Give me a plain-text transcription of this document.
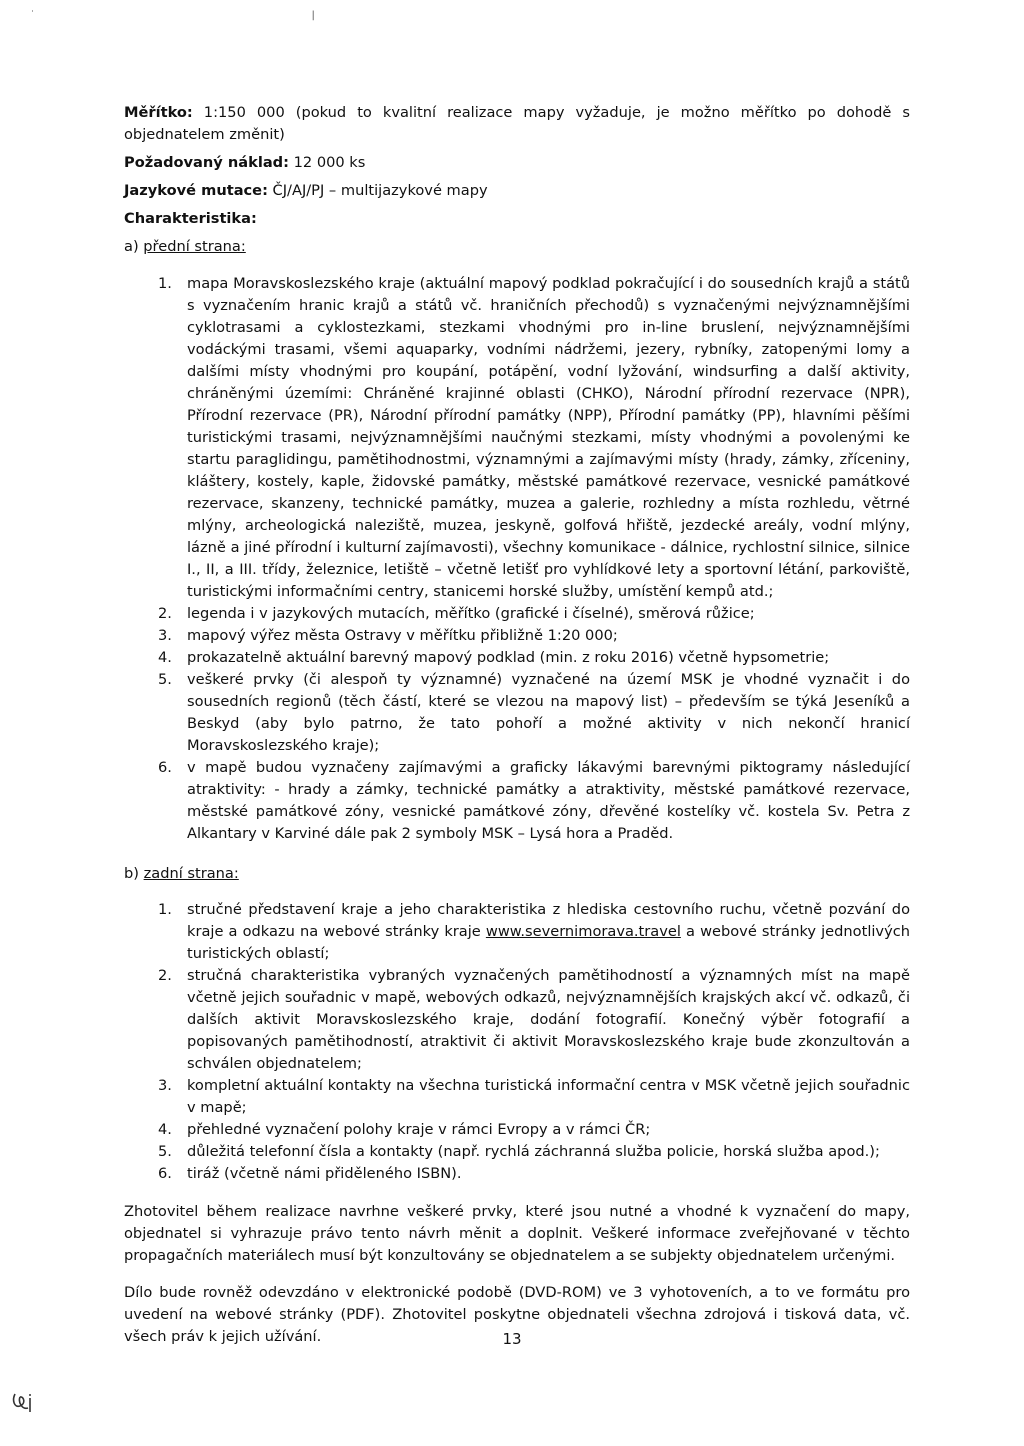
˙                                                                                       |

Měřítko: 1:150 000 (pokud to kvalitní realizace mapy vyžaduje, je možno měřítko po dohodě s objednatelem změnit)

Požadovaný náklad: 12 000 ks

Jazykové mutace: ČJ/AJ/PJ – multijazykové mapy

Charakteristika:

a) přední strana:

1. mapa Moravskoslezského kraje (aktuální mapový podklad pokračující i do sousedních krajů a států s vyznačením hranic krajů a států vč. hraničních přechodů) s vyznačenými nejvýznamnějšími cyklotrasami a cyklostezkami, stezkami vhodnými pro in-line bruslení, nejvýznamnějšími vodáckými trasami, všemi aquaparky, vodními nádržemi, jezery, rybníky, zatopenými lomy a dalšími místy vhodnými pro koupání, potápění, vodní lyžování, windsurfing a další aktivity, chráněnými územími: Chráněné krajinné oblasti (CHKO), Národní přírodní rezervace (NPR), Přírodní rezervace (PR), Národní přírodní památky (NPP), Přírodní památky (PP), hlavními pěšími turistickými trasami, nejvýznamnějšími naučnými stezkami, místy vhodnými a povolenými ke startu paraglidingu, pamětihodnostmi, významnými a zajímavými místy (hrady, zámky, zříceniny, kláštery, kostely, kaple, židovské památky, městské památkové rezervace, vesnické památkové rezervace, skanzeny, technické památky, muzea a galerie, rozhledny a místa rozhledu, větrné mlýny, archeologická naleziště, muzea, jeskyně, golfová hřiště, jezdecké areály, vodní mlýny, lázně a jiné přírodní i kulturní zajímavosti), všechny komunikace - dálnice, rychlostní silnice, silnice I., II, a III. třídy, železnice, letiště – včetně letišť pro vyhlídkové lety a sportovní létání, parkoviště, turistickými informačními centry, stanicemi horské služby, umístění kempů atd.;
2. legenda i v jazykových mutacích, měřítko (grafické i číselné), směrová růžice;
3. mapový výřez města Ostravy v měřítku přibližně 1:20 000;
4. prokazatelně aktuální barevný mapový podklad (min. z roku 2016) včetně hypsometrie;
5. veškeré prvky (či alespoň ty významné) vyznačené na území MSK je vhodné vyznačit i do sousedních regionů (těch částí, které se vlezou na mapový list) – především se týká Jeseníků a Beskyd (aby bylo patrno, že tato pohoří a možné aktivity v nich nekončí hranicí Moravskoslezského kraje);
6. v mapě budou vyznačeny zajímavými a graficky lákavými barevnými piktogramy následující atraktivity: - hrady a zámky, technické památky a atraktivity, městské památkové rezervace, městské památkové zóny, vesnické památkové zóny, dřevěné kostelíky vč. kostela Sv. Petra z Alkantary v Karviné dále pak 2 symboly MSK – Lysá hora a Praděd.

b) zadní strana:

1. stručné představení kraje a jeho charakteristika z hlediska cestovního ruchu, včetně pozvání do kraje a odkazu na webové stránky kraje www.severnimorava.travel a webové stránky jednotlivých turistických oblastí;
2. stručná charakteristika vybraných vyznačených pamětihodností a významných míst na mapě včetně jejich souřadnic v mapě, webových odkazů, nejvýznamnějších krajských akcí vč. odkazů, či dalších aktivit Moravskoslezského kraje, dodání fotografií. Konečný výběr fotografií a popisovaných pamětihodností, atraktivit či aktivit Moravskoslezského kraje bude zkonzultován a schválen objednatelem;
3. kompletní aktuální kontakty na všechna turistická informační centra v MSK včetně jejich souřadnic v mapě;
4. přehledné vyznačení polohy kraje v rámci Evropy a v rámci ČR;
5. důležitá telefonní čísla a kontakty (např. rychlá záchranná služba policie, horská služba apod.);
6. tiráž (včetně námi přiděleného ISBN).

Zhotovitel během realizace navrhne veškeré prvky, které jsou nutné a vhodné k vyznačení do mapy, objednatel si vyhrazuje právo tento návrh měnit a doplnit. Veškeré informace zveřejňované v těchto propagačních materiálech musí být konzultovány se objednatelem a se subjekty objednatelem určenými.

Dílo bude rovněž odevzdáno v elektronické podobě (DVD-ROM) ve 3 vyhotoveních, a to ve formátu pro uvedení na webové stránky (PDF). Zhotovitel poskytne objednateli všechna zdrojová i tisková data, vč. všech práv k jejich užívání.	13
